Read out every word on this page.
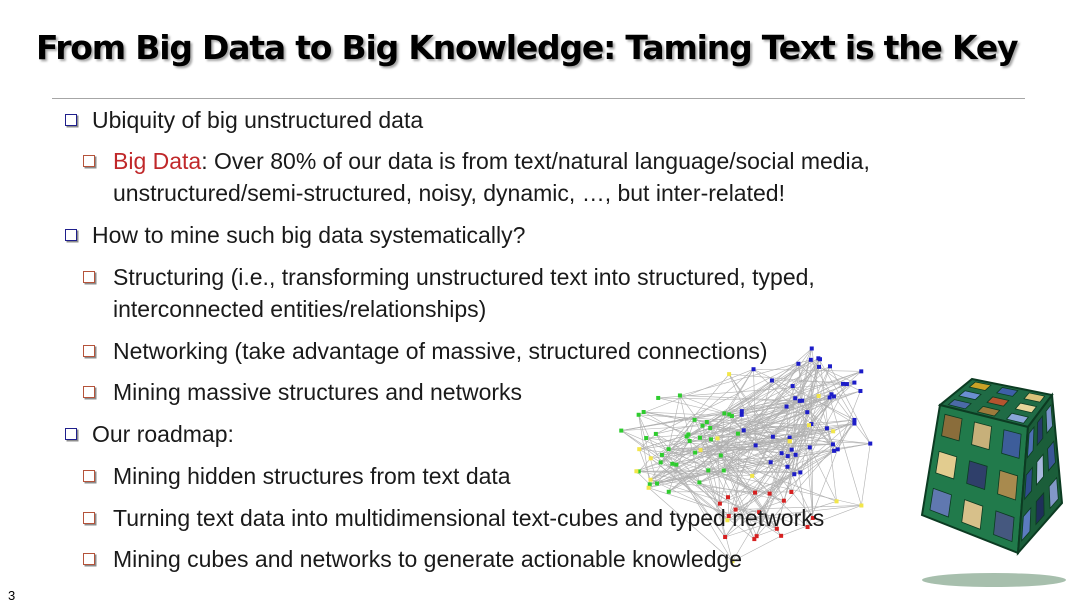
From Big Data to Big Knowledge: Taming Text is the Key
Ubiquity of big unstructured data
Big Data: Over 80% of our data is from text/natural language/social media,
unstructured/semi-structured, noisy, dynamic, …, but inter-related!
How to mine such big data systematically?
Structuring (i.e., transforming unstructured text into structured, typed,
interconnected entities/relationships)
Networking (take advantage of massive, structured connections)
Mining massive structures and networks
Our roadmap:
Mining hidden structures from text data
Turning text data into multidimensional text-cubes and typed networks
Mining cubes and networks to generate actionable knowledge
3
